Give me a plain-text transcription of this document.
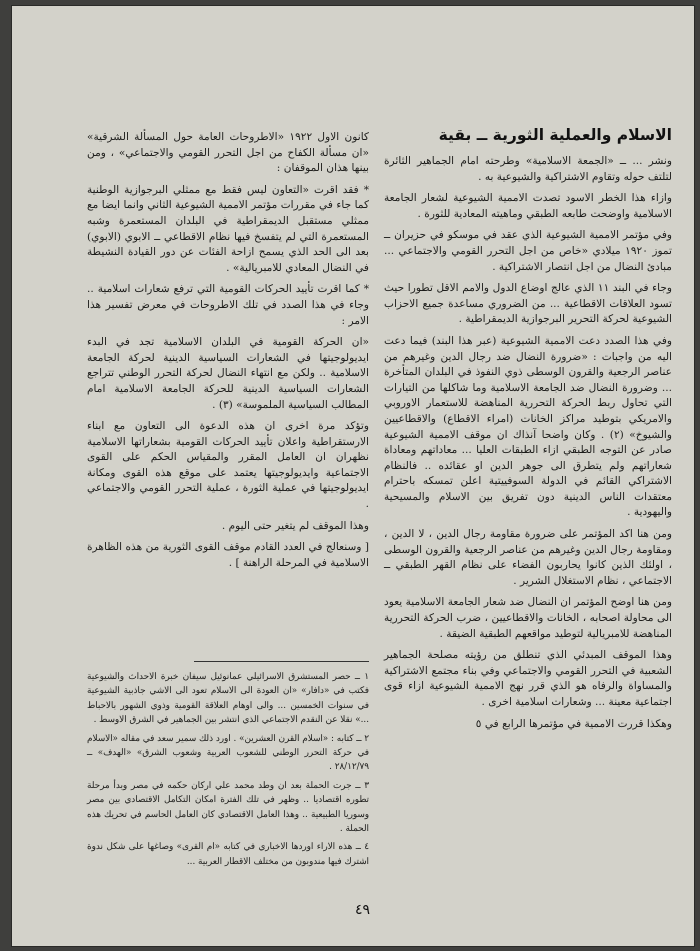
الاسلام والعملية الثورية ــ بقية

ونشر ... ــ «الجمعة الاسلامية» وطرحته امام الجماهير الثائرة لتلتف حوله وتقاوم الاشتراكية والشيوعية به .

وازاء هذا الخطر الاسود تصدت الاممية الشيوعية لشعار الجامعة الاسلامية واوضحت طابعه الطبقي وماهيته المعادية للثورة .

وفي مؤتمر الاممية الشيوعية الذي عقد في موسكو في حزيران ــ تموز ١٩٢٠ ميلادي «خاص من اجل التحرر القومي والاجتماعي ... مبادئ النضال من اجل انتصار الاشتراكية .

وجاء في البند ١١ الذي عالج اوضاع الدول والامم الاقل تطورا حيث تسود العلاقات الاقطاعية ... من الضروري مساعدة جميع الاحزاب الشيوعية لحركة التحرير البرجوازية الديمقراطية .

وفي هذا الصدد دعت الاممية الشيوعية (عبر هذا البند) فيما دعت اليه من واجبات : «ضرورة النضال ضد رجال الدين وغيرهم من عناصر الرجعية والقرون الوسطى ذوي النفوذ في البلدان المتأخرة ... وضرورة النضال ضد الجامعة الاسلامية وما شاكلها من التيارات التي تحاول ربط الحركة التحررية المناهضة للاستعمار الاوروبي والامريكي بتوطيد مراكز الخانات (امراء الاقطاع) والاقطاعيين والشيوخ» (٢) . وكان واضحا آنذاك ان موقف الاممية الشيوعية صادر عن التوجه الطبقي ازاء الطبقات العليا ... معاداتهم ومعاداة شعاراتهم ولم يتطرق الى جوهر الدين او عقائده .. فالنظام الاشتراكي القائم في الدولة السوفييتية اعلن تمسكه باحترام معتقدات الناس الدينية دون تفريق بين الاسلام والمسيحية واليهودية .

ومن هنا اكد المؤتمر على ضرورة مقاومة رجال الدين ، لا الدين ، ومقاومة رجال الدين وغيرهم من عناصر الرجعية والقرون الوسطى ، اولئك الذين كانوا يحاربون الفضاء على نظام القهر الطبقي ــ الاجتماعي ، نظام الاستغلال الشرير .

ومن هنا اوضح المؤتمر ان النضال ضد شعار الجامعة الاسلامية يعود الى محاولة اصحابه ، الخانات والاقطاعيين ، ضرب الحركة التحررية المناهضة للامبريالية لتوطيد مواقعهم الطبقية الضيقة .

وهذا الموقف المبدئي الذي تنطلق من رؤيته مصلحة الجماهير الشعبية في التحرر القومي والاجتماعي وفي بناء مجتمع الاشتراكية والمساواة والرفاه هو الذي قرر نهج الاممية الشيوعية ازاء قوى اجتماعية معينة ... وشعارات اسلامية اخرى .

وهكذا قررت الاممية في مؤتمرها الرابع في ٥

كانون الاول ١٩٢٢ «الاطروحات العامة حول المسألة الشرقية» «ان مسألة الكفاح من اجل التحرر القومي والاجتماعي» ، ومن بينها هذان الموقفان :

* فقد اقرت «التعاون ليس فقط مع ممثلي البرجوازية الوطنية كما جاء في مقررات مؤتمر الاممية الشيوعية الثاني وانما ايضا مع ممثلي مستقبل الديمقراطية في البلدان المستعمرة وشبه المستعمرة التي لم يتفسخ فيها نظام الاقطاعي ــ الابوي (الابوي) بعد الى الحد الذي يسمح ازاحة الفئات عن دور القيادة النشيطة في النضال المعادي للامبريالية» .

* كما اقرت تأييد الحركات القومية التي ترفع شعارات اسلامية .. وجاء في هذا الصدد في تلك الاطروحات في معرض تفسير هذا الامر :

«ان الحركة القومية في البلدان الاسلامية تجد في البدء ايديولوجيتها في الشعارات السياسية الدينية لحركة الجامعة الاسلامية .. ولكن مع انتهاء النضال لحركة التحرر الوطني تتراجع الشعارات السياسية الدينية للحركة الجامعة الاسلامية امام المطالب السياسية الملموسة» (٣) .

وتؤكد مرة اخرى ان هذه الدعوة الى التعاون مع ابناء الارستقراطية واعلان تأييد الحركات القومية بشعاراتها الاسلامية نظهران ان العامل المقرر والمقياس الحكم على القوى الاجتماعية وايديولوجيتها يعتمد على موقع هذه القوى ومكانة ايديولوجيتها في عملية الثورة ، عملية التحرر القومي والاجتماعي .

وهذا الموقف لم يتغير حتى اليوم .

[ وسنعالج في العدد القادم موقف القوى الثورية من هذه الظاهرة الاسلامية في المرحلة الراهنة ] .

١ ــ حصر المستشرق الاسرائيلي عمانوئيل سيفان خبرة الاحداث والشيوعية فكتب في «دافار» «ان العودة الى الاسلام تعود الى الاشي جاذبية الشيوعية في سنوات الخمسين ... والى اوهام العلاقة القومية وذوي الشهور بالاحباط ...» نقلا عن النقدم الاجتماعي الذي انتشر بين الجماهير في الشرق الاوسط .

٢ ــ كتابه : «اسلام القرن العشرين» . اورد ذلك سمير سعد في مقاله «الاسلام في حركة التحرر الوطني للشعوب العربية وشعوب الشرق» «الهدف» ــ ٢٨/١٢/٧٩ .

٣ ــ جرت الحملة بعد ان وطد محمد علي اركان حكمه في مصر وبدأ مرحلة تطوره اقتصاديا .. وظهر في تلك الفترة امكان التكامل الاقتصادي بين مصر وسوريا الطبيعية .. وهذا العامل الاقتصادي كان العامل الحاسم في تحريك هذه الحملة .

٤ ــ هذه الاراء اوردها الاخباري في كتابه «ام القرى» وصاغها على شكل ندوة اشترك فيها مندوبون من مختلف الاقطار العربية ...

٤٩
